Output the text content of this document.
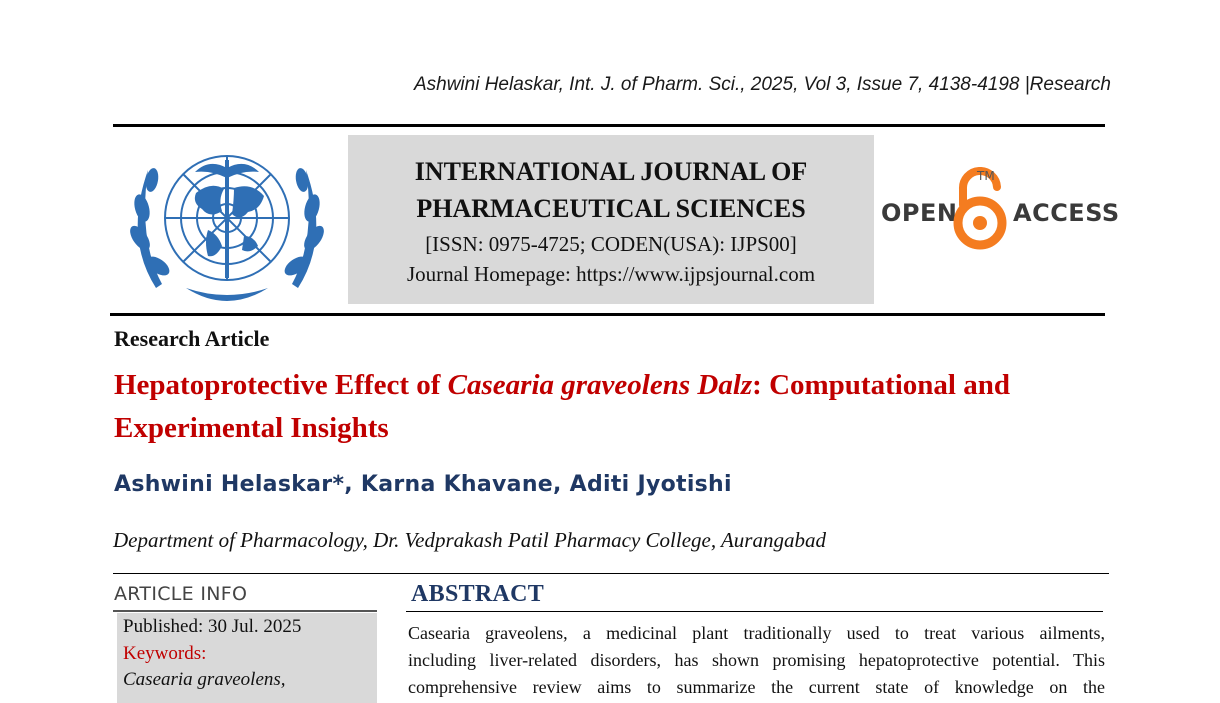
Ashwini Helaskar, Int. J. of Pharm. Sci., 2025, Vol 3, Issue 7, 4138-4198 |Research
INTERNATIONAL JOURNAL OF
PHARMACEUTICAL SCIENCES
[ISSN: 0975-4725; CODEN(USA): IJPS00]
Journal Homepage: https://www.ijpsjournal.com
OPEN
TM
ACCESS
Research Article
Hepatoprotective Effect of Casearia graveolens Dalz: Computational and
Experimental Insights
Ashwini Helaskar*, Karna Khavane, Aditi Jyotishi
Department of Pharmacology, Dr. Vedprakash Patil Pharmacy College, Aurangabad
ARTICLE INFO
Published: 30 Jul. 2025
Keywords:
Casearia graveolens,
ABSTRACT
Casearia graveolens, a medicinal plant traditionally used to treat various ailments,
including liver-related disorders, has shown promising hepatoprotective potential. This
comprehensive review aims to summarize the current state of knowledge on the
